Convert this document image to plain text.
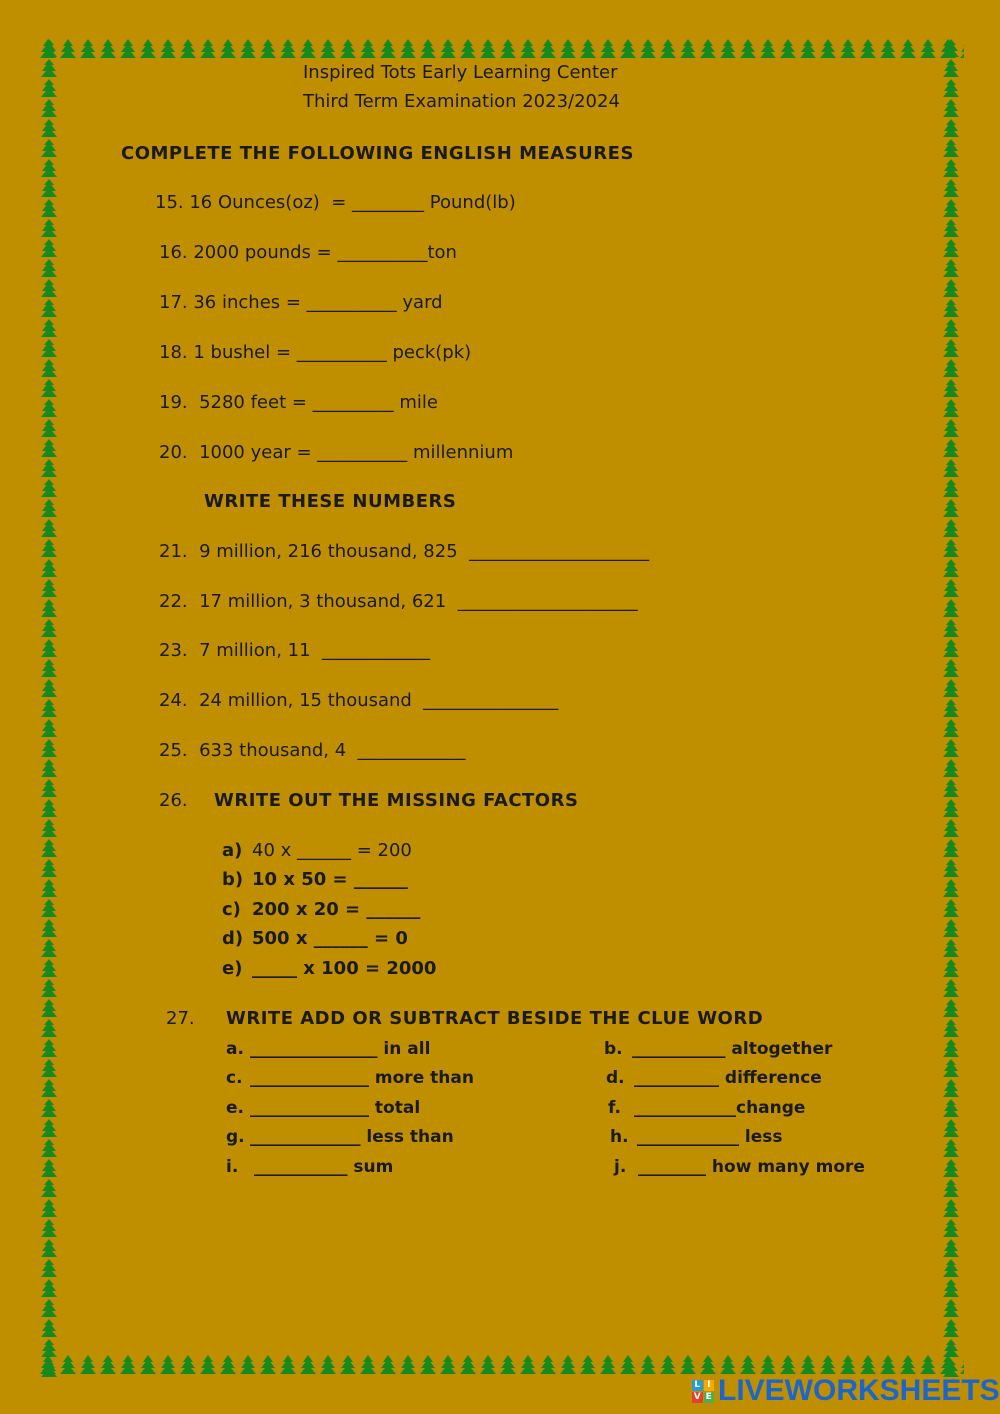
Inspired Tots Early Learning Center
Third Term Examination 2023/2024
COMPLETE THE FOLLOWING ENGLISH MEASURES
15. 16 Ounces(oz)  = ________ Pound(lb)
16. 2000 pounds = __________ton
17. 36 inches = __________ yard
18. 1 bushel = __________ peck(pk)
19.  5280 feet = _________ mile
20.  1000 year = __________ millennium
WRITE THESE NUMBERS
21.  9 million, 216 thousand, 825  ____________________
22.  17 million, 3 thousand, 621  ____________________
23.  7 million, 11  ____________
24.  24 million, 15 thousand  _______________
25.  633 thousand, 4  ____________
26. WRITE OUT THE MISSING FACTORS
a) 40 x ______ = 200
b) 10 x 50 = ______
c) 200 x 20 = ______
d) 500 x ______ = 0
e) _____ x 100 = 2000
27. WRITE ADD OR SUBTRACT BESIDE THE CLUE WORD
a. _______________ in all
c. ______________ more than
e. ______________ total
g. _____________ less than
i. ___________ sum
b. ___________ altogether
d. __________ difference
f. ____________change
h. ____________ less
j. ________ how many more
L I
V E LIVEWORKSHEETS
